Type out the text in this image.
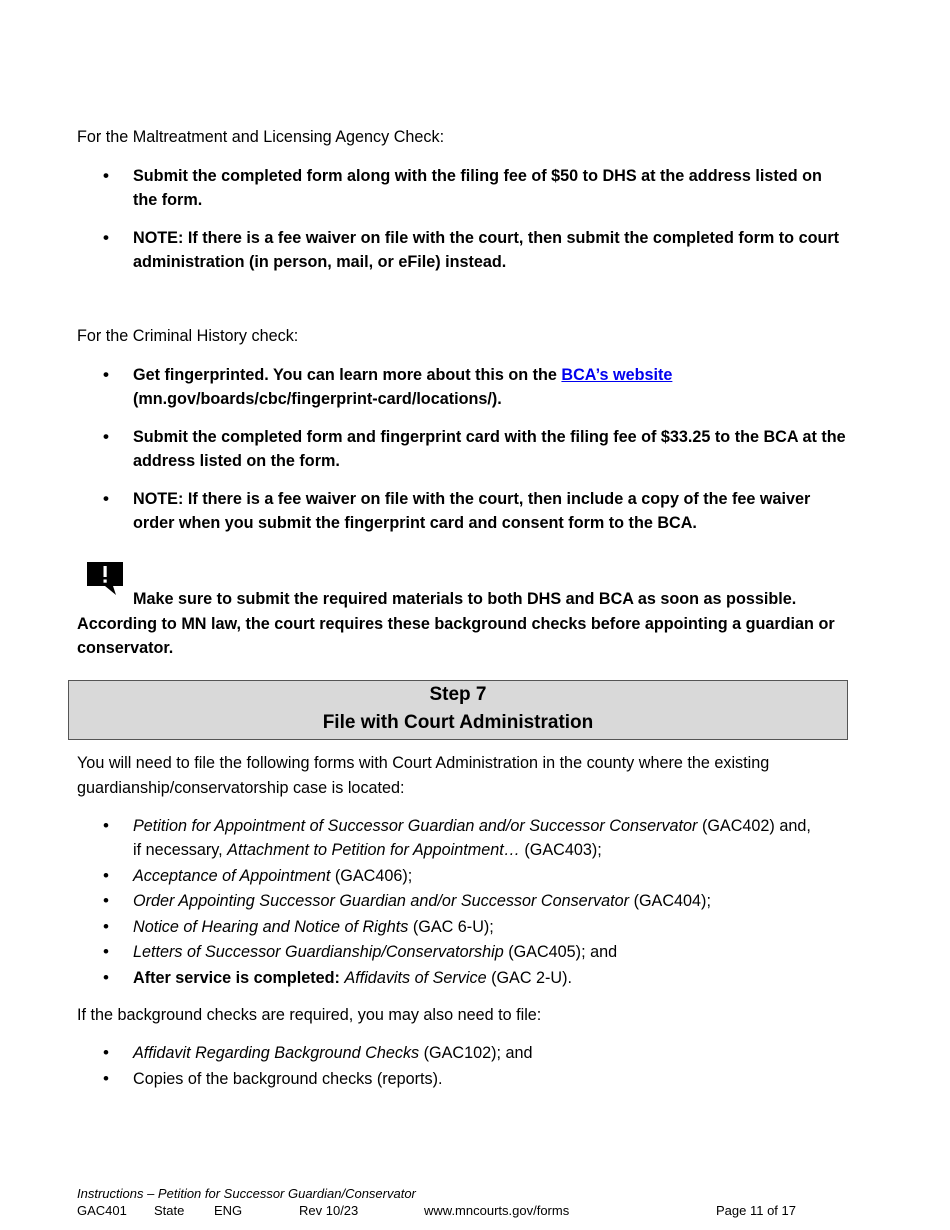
For the Maltreatment and Licensing Agency Check:

• Submit the completed form along with the filing fee of $50 to DHS at the address listed on the form.
• NOTE: If there is a fee waiver on file with the court, then submit the completed form to court administration (in person, mail, or eFile) instead.

For the Criminal History check:

• Get fingerprinted. You can learn more about this on the BCA’s website
(mn.gov/boards/cbc/fingerprint-card/locations/).
• Submit the completed form and fingerprint card with the filing fee of $33.25 to the BCA at the address listed on the form.
• NOTE: If there is a fee waiver on file with the court, then include a copy of the fee waiver order when you submit the fingerprint card and consent form to the BCA.

Make sure to submit the required materials to both DHS and BCA as soon as possible. According to MN law, the court requires these background checks before appointing a guardian or conservator.

Step 7
File with Court Administration

You will need to file the following forms with Court Administration in the county where the existing guardianship/conservatorship case is located:

• Petition for Appointment of Successor Guardian and/or Successor Conservator (GAC402) and,
if necessary, Attachment to Petition for Appointment… (GAC403);
• Acceptance of Appointment (GAC406);
• Order Appointing Successor Guardian and/or Successor Conservator (GAC404);
• Notice of Hearing and Notice of Rights (GAC 6-U);
• Letters of Successor Guardianship/Conservatorship (GAC405); and
• After service is completed: Affidavits of Service (GAC 2-U).

If the background checks are required, you may also need to file:

• Affidavit Regarding Background Checks (GAC102); and
• Copies of the background checks (reports).
Instructions – Petition for Successor Guardian/Conservator
GAC401 State ENG	Rev 10/23	www.mncourts.gov/forms	Page 11 of 17
